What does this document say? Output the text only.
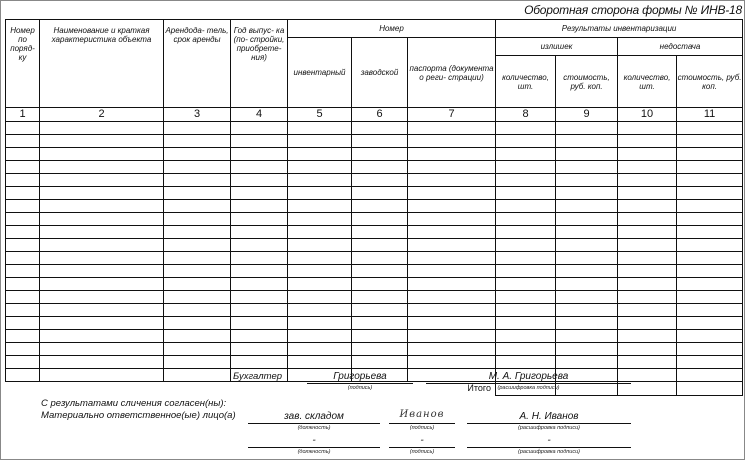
Оборотная сторона формы № ИНВ-18
Номер по поряд- ку	Наименование и краткая характеристика объекта	Арендода- тель, срок аренды	Год выпус- ка (по- стройки, приобрете- ния)	Номер			Результаты инвентаризации			
				инвентарный	заводской	паспорта (документа о реги- страции)	излишек		недостача	
							количество, шт.	стоимость, руб. коп.	количество, шт.	стоимость, руб. коп.
1	2	3	4	5	6	7	8	9	10	11

						Итого				
Бухгалтер	Григорьева
(подпись)
М. А. Григорьева
(расшифровка подписи)
С результатами сличения согласен(ны):
Материально ответственное(ые) лицо(а)	зав. складом
(должность)
Иванов
(подпись)
А. Н. Иванов
(расшифровка подписи)
-
(должность)
-
(подпись)
-
(расшифровка подписи)
